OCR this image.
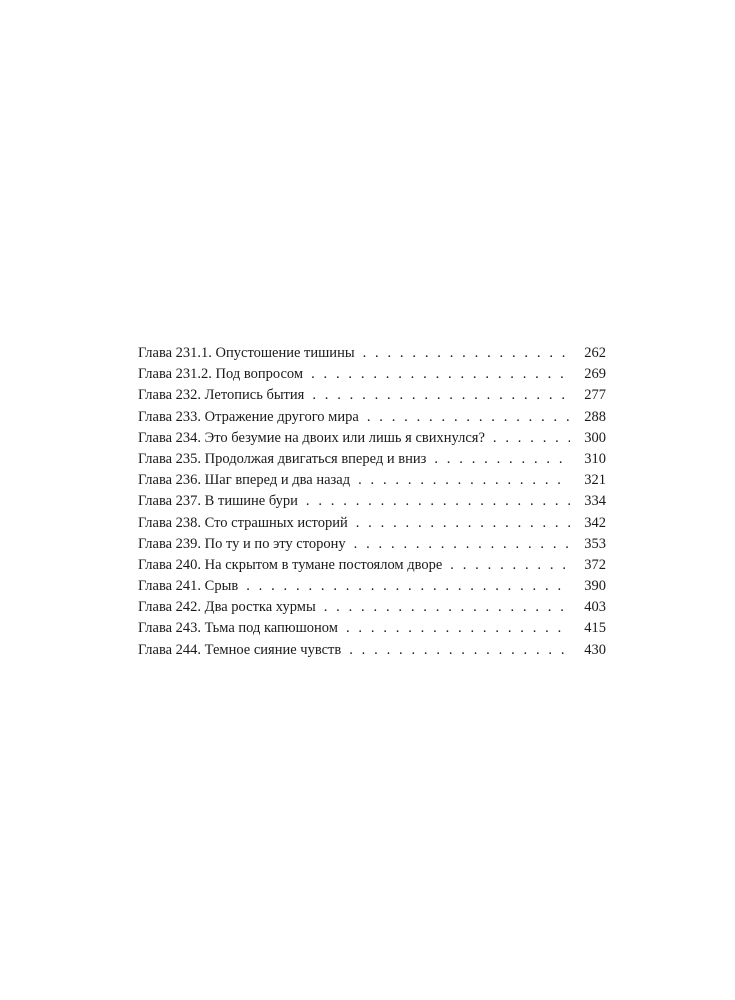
Глава 231.1. Опустошение тишины . . .	262
Глава 231.2. Под вопросом . . .	269
Глава 232. Летопись бытия . . .	277
Глава 233. Отражение другого мира . . .	288
Глава 234. Это безумие на двоих или лишь я свихнулся? . . .	300
Глава 235. Продолжая двигаться вперед и вниз . . .	310
Глава 236. Шаг вперед и два назад . . .	321
Глава 237. В тишине бури . . .	334
Глава 238. Сто страшных историй . . .	342
Глава 239. По ту и по эту сторону . . .	353
Глава 240. На скрытом в тумане постоялом дворе . . .	372
Глава 241. Срыв . . .	390
Глава 242. Два ростка хурмы . . .	403
Глава 243. Тьма под капюшоном . . .	415
Глава 244. Темное сияние чувств . . .	430
